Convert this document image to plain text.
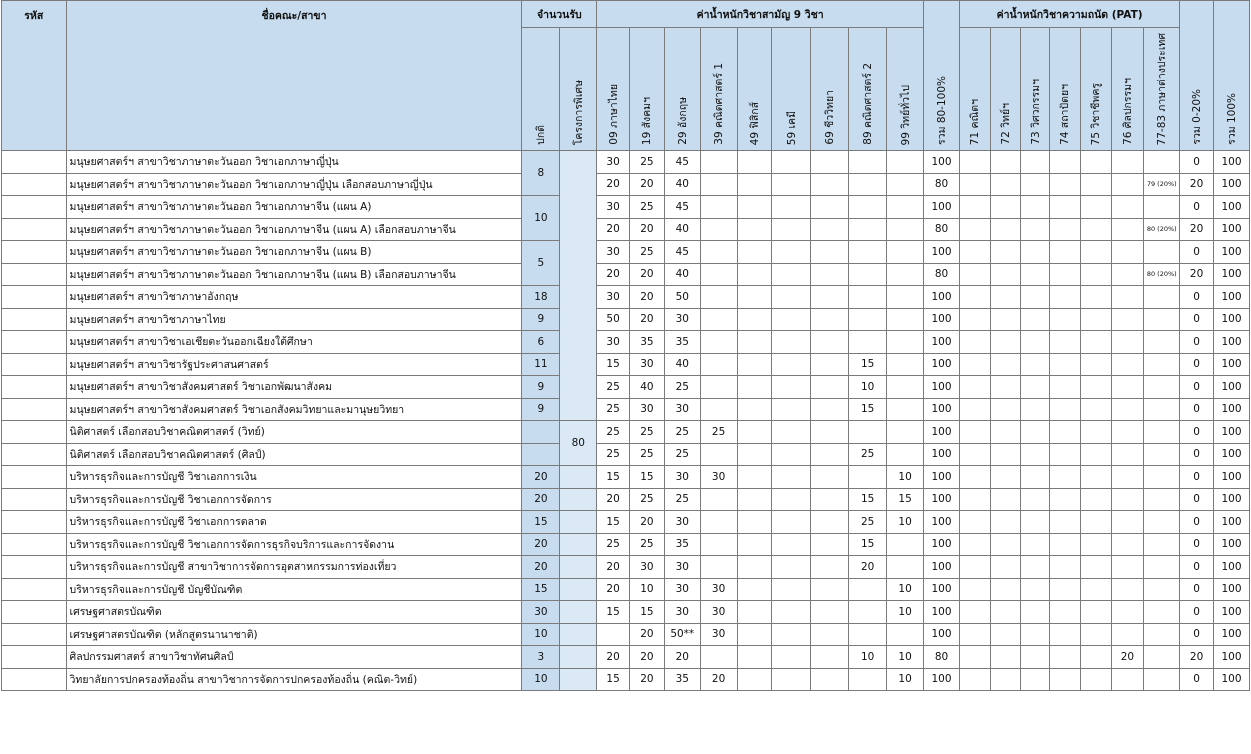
รหัส	ชื่อคณะ/สาขา	จำนวนรับ		ค่าน้ำหนักวิชาสามัญ 9 วิชา									รวม 80-100%	ค่าน้ำหนักวิชาความถนัด (PAT)							รวม 0-20%	รวม 100%
		ปกติ	โครงการพิเศษ	09 ภาษาไทย	19 สังคมฯ	29 อังกฤษ	39 คณิตศาสตร์ 1	49 ฟิสิกส์	59 เคมี	69 ชีววิทยา	89 คณิตศาสตร์ 2	99 วิทย์ทั่วไป		71 คณิตฯ	72 วิทย์ฯ	73 วิศวกรรมฯ	74 สถาปัตยฯ	75 วิชาชีพครู	76 ศิลปกรรมฯ	77-83 ภาษาต่างประเทศ		
	มนุษยศาสตร์ฯ สาขาวิชาภาษาตะวันออก วิชาเอกภาษาญี่ปุ่น	8		30	25	45							100								0	100
	มนุษยศาสตร์ฯ สาขาวิชาภาษาตะวันออก วิชาเอกภาษาญี่ปุ่น เลือกสอบภาษาญี่ปุ่น			20	20	40							80							79 (20%)	20	100
	มนุษยศาสตร์ฯ สาขาวิชาภาษาตะวันออก วิชาเอกภาษาจีน (แผน A)	10		30	25	45							100								0	100
	มนุษยศาสตร์ฯ สาขาวิชาภาษาตะวันออก วิชาเอกภาษาจีน (แผน A) เลือกสอบภาษาจีน			20	20	40							80							80 (20%)	20	100
	มนุษยศาสตร์ฯ สาขาวิชาภาษาตะวันออก วิชาเอกภาษาจีน (แผน B)	5		30	25	45							100								0	100
	มนุษยศาสตร์ฯ สาขาวิชาภาษาตะวันออก วิชาเอกภาษาจีน (แผน B) เลือกสอบภาษาจีน			20	20	40							80							80 (20%)	20	100
	มนุษยศาสตร์ฯ สาขาวิชาภาษาอังกฤษ	18		30	20	50							100								0	100
	มนุษยศาสตร์ฯ สาขาวิชาภาษาไทย	9		50	20	30							100								0	100
	มนุษยศาสตร์ฯ สาขาวิชาเอเชียตะวันออกเฉียงใต้ศึกษา	6		30	35	35							100								0	100
	มนุษยศาสตร์ฯ สาขาวิชารัฐประศาสนศาสตร์	11		15	30	40					15		100								0	100
	มนุษยศาสตร์ฯ สาขาวิชาสังคมศาสตร์ วิชาเอกพัฒนาสังคม	9		25	40	25					10		100								0	100
	มนุษยศาสตร์ฯ สาขาวิชาสังคมศาสตร์ วิชาเอกสังคมวิทยาและมานุษยวิทยา	9		25	30	30					15		100								0	100
	นิติศาสตร์ เลือกสอบวิชาคณิตศาสตร์ (วิทย์)		80	25	25	25	25						100								0	100
	นิติศาสตร์ เลือกสอบวิชาคณิตศาสตร์ (ศิลป์)			25	25	25					25		100								0	100
	บริหารธุรกิจและการบัญชี วิชาเอกการเงิน	20		15	15	30	30					10	100								0	100
	บริหารธุรกิจและการบัญชี วิชาเอกการจัดการ	20		20	25	25					15	15	100								0	100
	บริหารธุรกิจและการบัญชี วิชาเอกการตลาด	15		15	20	30					25	10	100								0	100
	บริหารธุรกิจและการบัญชี วิชาเอกการจัดการธุรกิจบริการและการจัดงาน	20		25	25	35					15		100								0	100
	บริหารธุรกิจและการบัญชี สาขาวิชาการจัดการอุตสาหกรรมการท่องเที่ยว	20		20	30	30					20		100								0	100
	บริหารธุรกิจและการบัญชี บัญชีบัณฑิต	15		20	10	30	30					10	100								0	100
	เศรษฐศาสตรบัณฑิต	30		15	15	30	30					10	100								0	100
	เศรษฐศาสตรบัณฑิต (หลักสูตรนานาชาติ)	10			20	50**	30						100								0	100
	ศิลปกรรมศาสตร์ สาขาวิชาทัศนศิลป์	3		20	20	20					10	10	80						20		20	100
	วิทยาลัยการปกครองท้องถิ่น สาขาวิชาการจัดการปกครองท้องถิ่น (คณิต-วิทย์)	10		15	20	35	20					10	100								0	100
